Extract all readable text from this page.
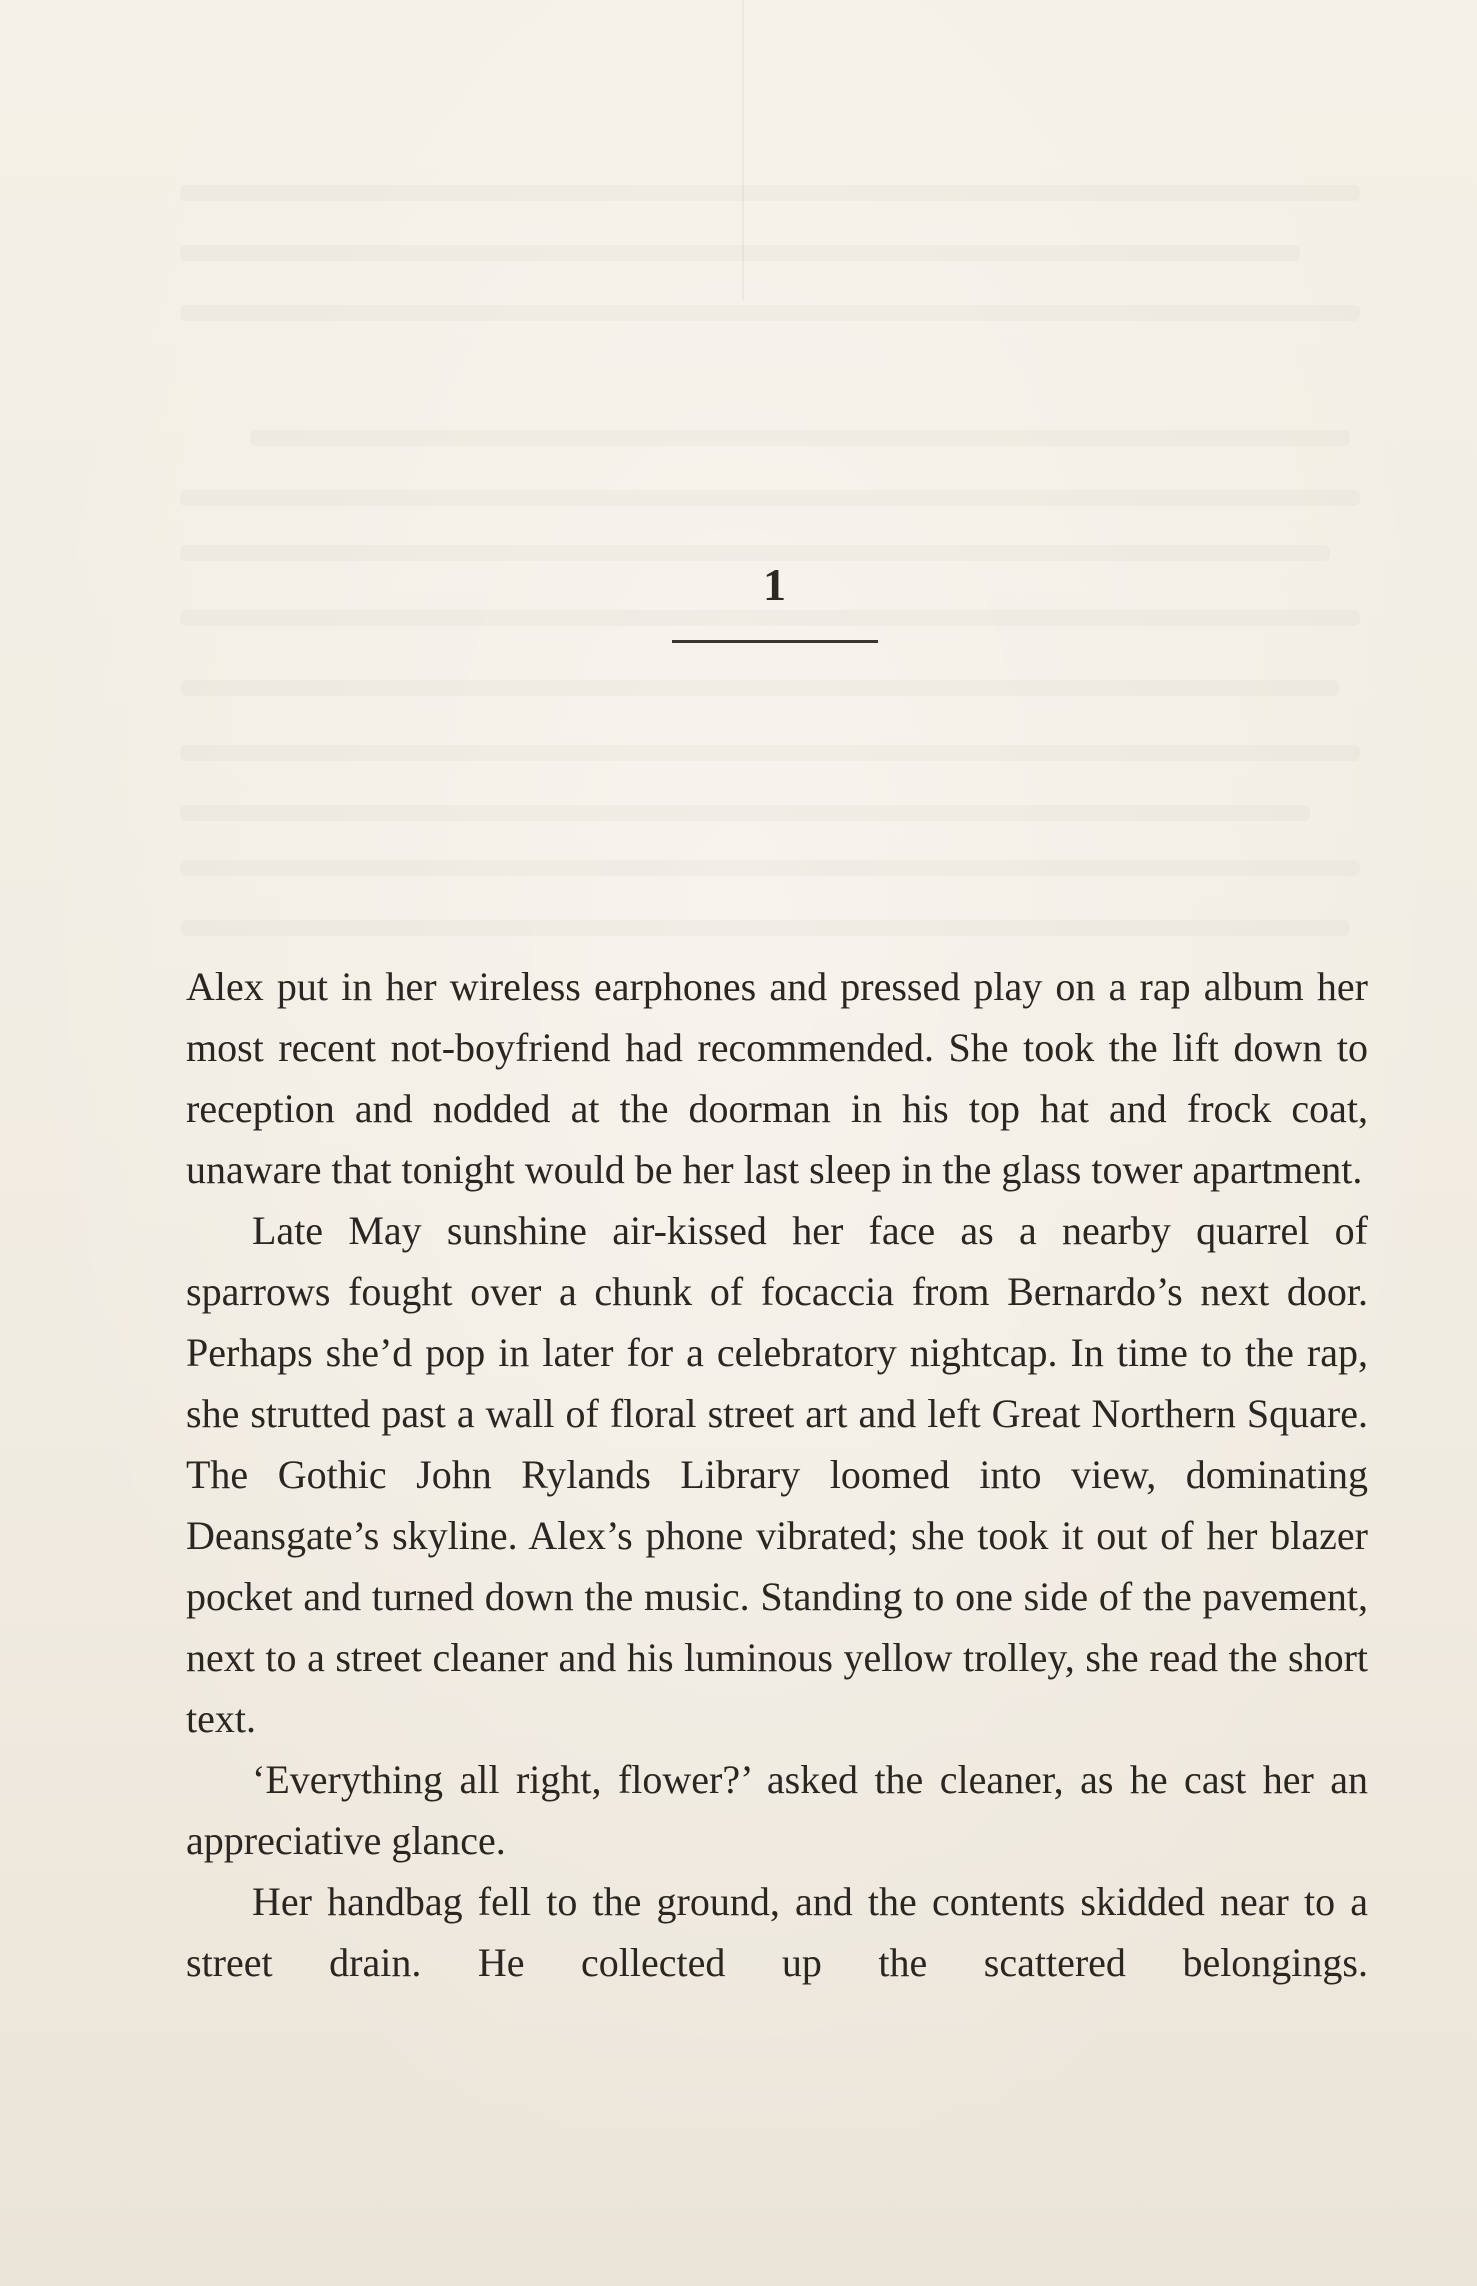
1

Alex put in her wireless earphones and pressed play on a rap album her most recent not-boyfriend had recommended. She took the lift down to reception and nodded at the doorman in his top hat and frock coat, unaware that tonight would be her last sleep in the glass tower apartment.

Late May sunshine air-kissed her face as a nearby quarrel of sparrows fought over a chunk of focaccia from Bernardo’s next door. Perhaps she’d pop in later for a celebratory nightcap. In time to the rap, she strutted past a wall of floral street art and left Great Northern Square. The Gothic John Rylands Library loomed into view, dominating Deansgate’s skyline. Alex’s phone vibrated; she took it out of her blazer pocket and turned down the music. Standing to one side of the pavement, next to a street cleaner and his luminous yellow trolley, she read the short text.

‘Everything all right, flower?’ asked the cleaner, as he cast her an appreciative glance.

Her handbag fell to the ground, and the contents skidded near to a street drain. He collected up the scattered belongings.
